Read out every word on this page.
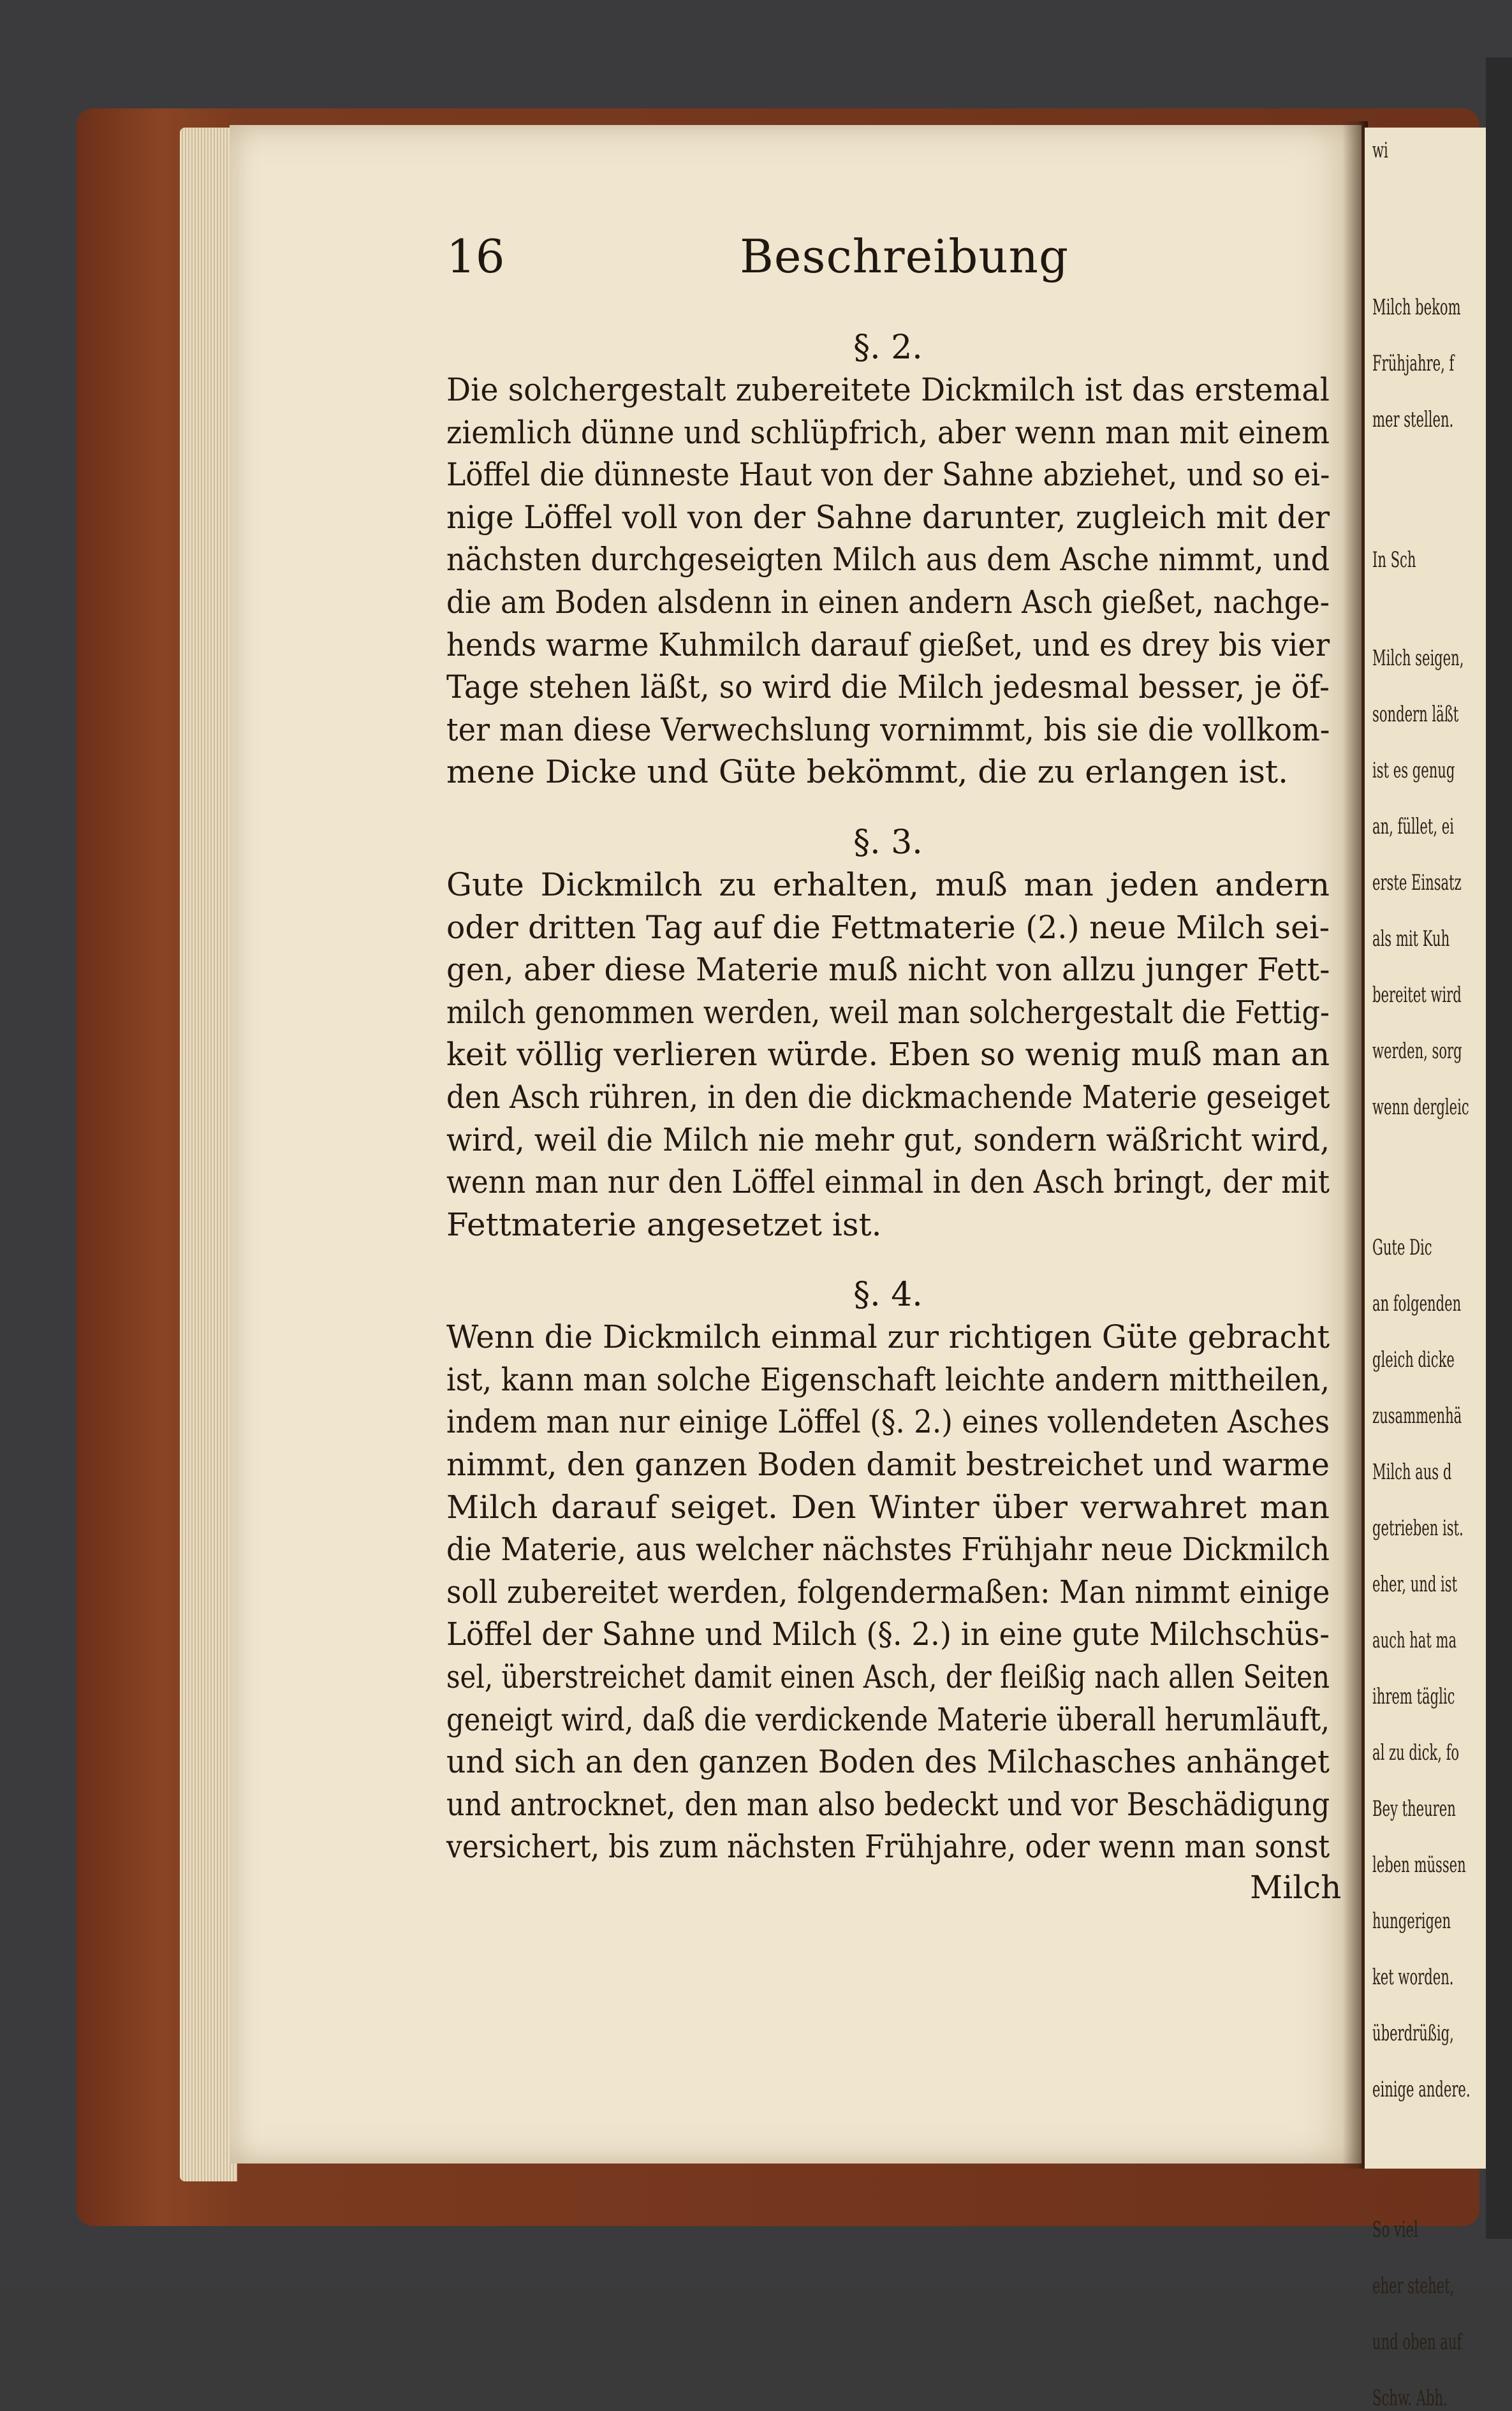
16	Beschreibung

§. 2.

Die solchergestalt zubereitete Dickmilch ist das erstemal
ziemlich dünne und schlüpfrich, aber wenn man mit einem
Löffel die dünneste Haut von der Sahne abziehet, und so ei-
nige Löffel voll von der Sahne darunter, zugleich mit der
nächsten durchgeseigten Milch aus dem Asche nimmt, und
die am Boden alsdenn in einen andern Asch gießet, nachge-
hends warme Kuhmilch darauf gießet, und es drey bis vier
Tage stehen läßt, so wird die Milch jedesmal besser, je öf-
ter man diese Verwechslung vornimmt, bis sie die vollkom-
mene Dicke und Güte bekömmt, die zu erlangen ist.

§. 3.

Gute Dickmilch zu erhalten, muß man jeden andern
oder dritten Tag auf die Fettmaterie (2.) neue Milch sei-
gen, aber diese Materie muß nicht von allzu junger Fett-
milch genommen werden, weil man solchergestalt die Fettig-
keit völlig verlieren würde. Eben so wenig muß man an
den Asch rühren, in den die dickmachende Materie geseiget
wird, weil die Milch nie mehr gut, sondern wäßricht wird,
wenn man nur den Löffel einmal in den Asch bringt, der mit
Fettmaterie angesetzet ist.

§. 4.

Wenn die Dickmilch einmal zur richtigen Güte gebracht
ist, kann man solche Eigenschaft leichte andern mittheilen,
indem man nur einige Löffel (§. 2.) eines vollendeten Asches
nimmt, den ganzen Boden damit bestreichet und warme
Milch darauf seiget. Den Winter über verwahret man
die Materie, aus welcher nächstes Frühjahr neue Dickmilch
soll zubereitet werden, folgendermaßen: Man nimmt einige
Löffel der Sahne und Milch (§. 2.) in eine gute Milchschüs-
sel, überstreichet damit einen Asch, der fleißig nach allen Seiten
geneigt wird, daß die verdickende Materie überall herumläuft,
und sich an den ganzen Boden des Milchasches anhänget
und antrocknet, den man also bedeckt und vor Beschädigung
versichert, bis zum nächsten Frühjahre, oder wenn man sonst

Milch
wi
Milch bekom
Frühjahre, f
mer stellen.
In Sch
Milch seigen,
sondern läßt
ist es genug
an, füllet, ei
erste Einsatz
als mit Kuh
bereitet wird
werden, sorg
wenn dergleic
Gute Dic
an folgenden
gleich dicke
zusammenhä
Milch aus d
getrieben ist.
eher, und ist
auch hat ma
ihrem täglic
al zu dick, fo
Bey theuren
leben müssen
hungerigen
ket worden.
überdrüßig,
einige andere.
So viel
eher stehet,
und oben auf
Schw. Abh.
